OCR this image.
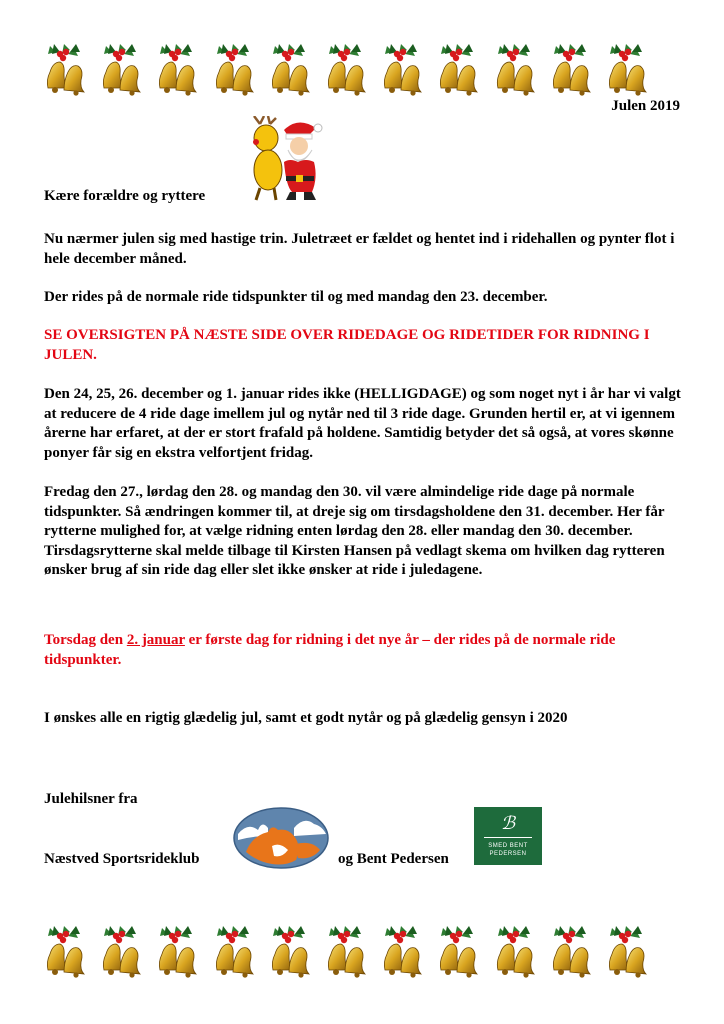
Julen 2019

Kære forældre og ryttere

Nu nærmer julen sig med hastige trin. Juletræet er fældet og hentet ind i ridehallen og pynter flot i hele december måned.

Der rides på de normale ride tidspunkter til og med mandag den 23. december.

SE OVERSIGTEN PÅ NÆSTE SIDE OVER RIDEDAGE OG RIDETIDER FOR RIDNING I JULEN.

Den 24, 25, 26. december og 1. januar rides ikke (HELLIGDAGE) og som noget nyt i år har vi valgt at reducere de 4 ride dage imellem jul og nytår ned til 3 ride dage. Grunden hertil er, at vi igennem årerne har erfaret, at der er stort frafald på holdene. Samtidig betyder det så også, at vores skønne ponyer får sig en ekstra velfortjent fridag.

Fredag den 27., lørdag den 28. og mandag den 30. vil være almindelige ride dage på normale tidspunkter. Så ændringen kommer til, at dreje sig om tirsdagsholdene den 31. december. Her får rytterne mulighed for, at vælge ridning enten lørdag den 28. eller mandag den 30. december. Tirsdagsrytterne skal melde tilbage til Kirsten Hansen på vedlagt skema om hvilken dag rytteren ønsker brug af sin ride dag eller slet ikke ønsker at ride i juledagene.

Torsdag den 2. januar er første dag for ridning i det nye år – der rides på de normale ride tidspunkter.

I ønskes alle en rigtig glædelig jul, samt et godt nytår og på glædelig gensyn i 2020

Julehilsner fra

Næstved Sportsrideklub	og Bent Pedersen

ℬ
SMED BENT
PEDERSEN
